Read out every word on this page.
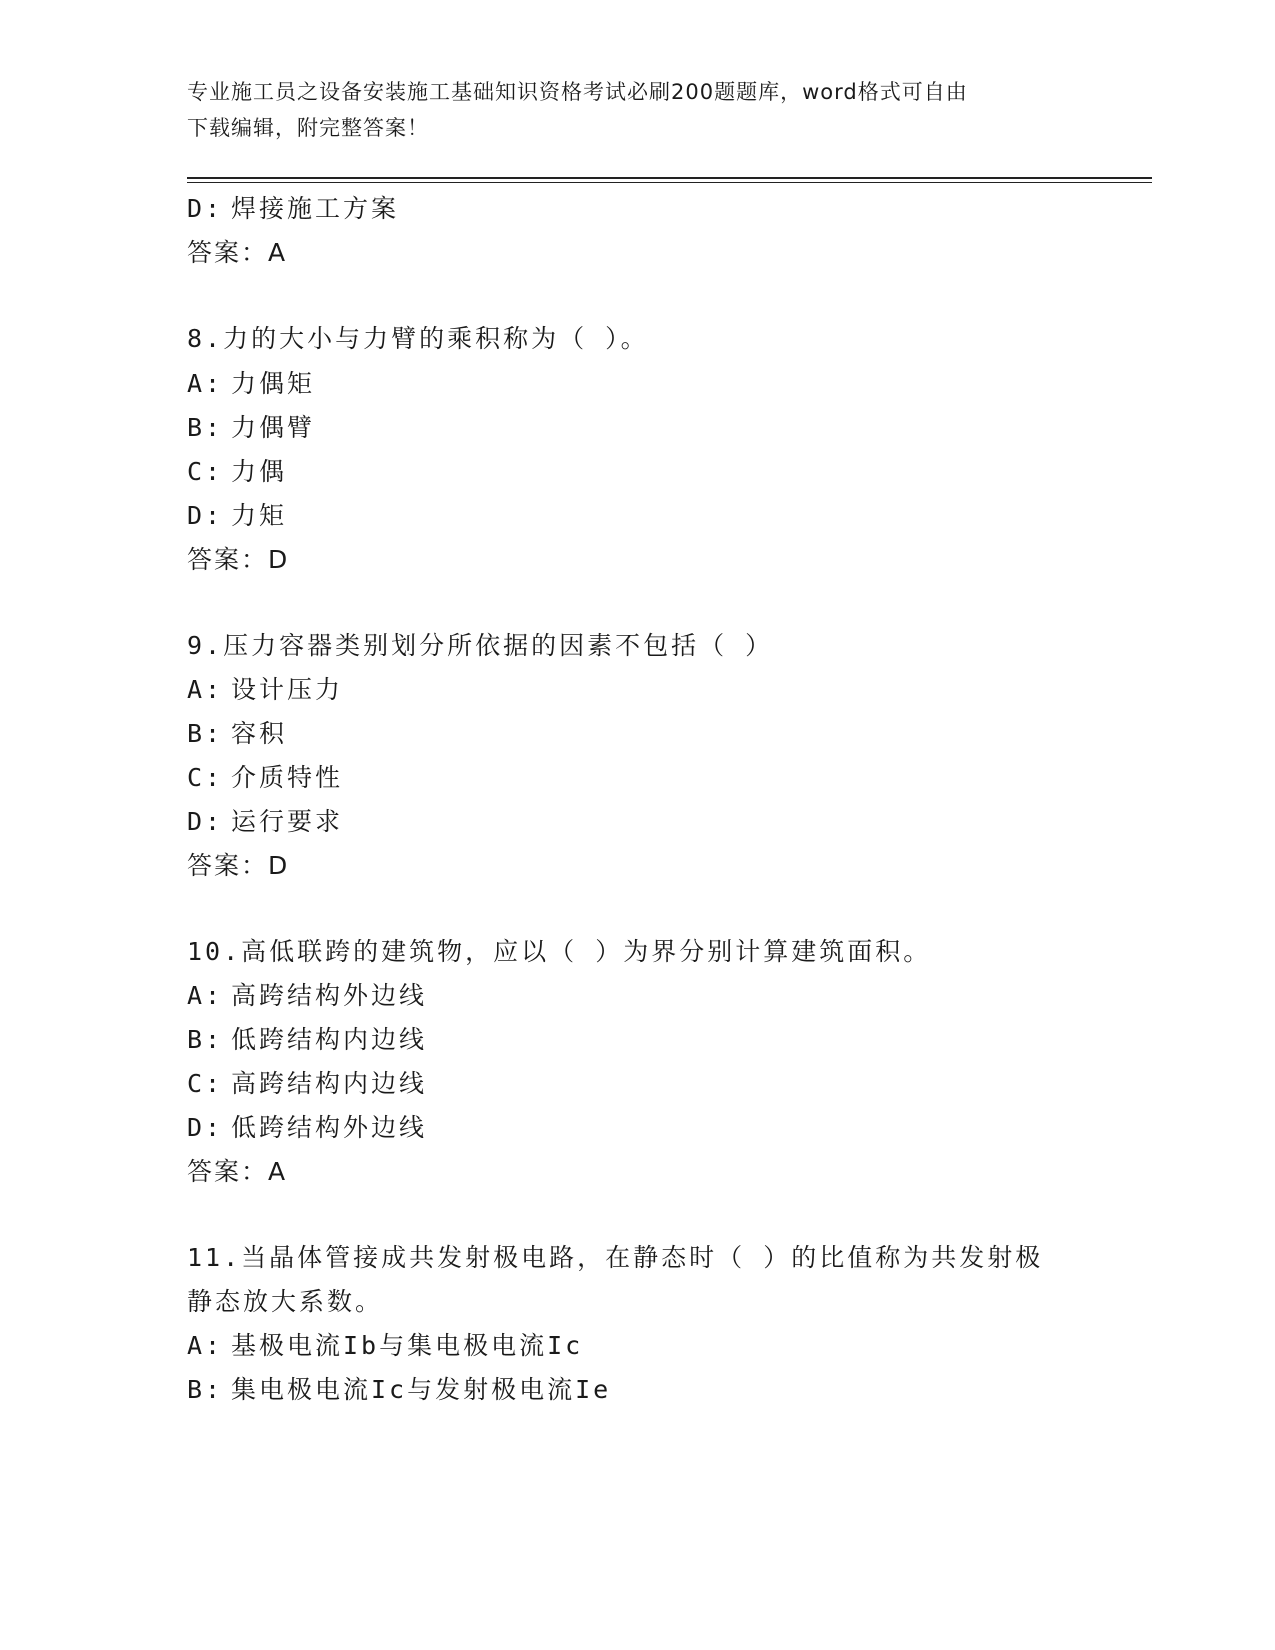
专业施工员之设备安装施工基础知识资格考试必刷200题题库，word格式可自由
下载编辑，附完整答案！
D: 焊接施工方案
答案：A
8.力的大小与力臂的乘积称为（ ）。
A: 力偶矩
B: 力偶臂
C: 力偶
D: 力矩
答案：D
9.压力容器类别划分所依据的因素不包括（ ）
A: 设计压力
B: 容积
C: 介质特性
D: 运行要求
答案：D
10.高低联跨的建筑物，应以（ ）为界分别计算建筑面积。
A: 高跨结构外边线
B: 低跨结构内边线
C: 高跨结构内边线
D: 低跨结构外边线
答案：A
11.当晶体管接成共发射极电路，在静态时（ ）的比值称为共发射极
静态放大系数。
A: 基极电流Ib与集电极电流Ic
B: 集电极电流Ic与发射极电流Ie
